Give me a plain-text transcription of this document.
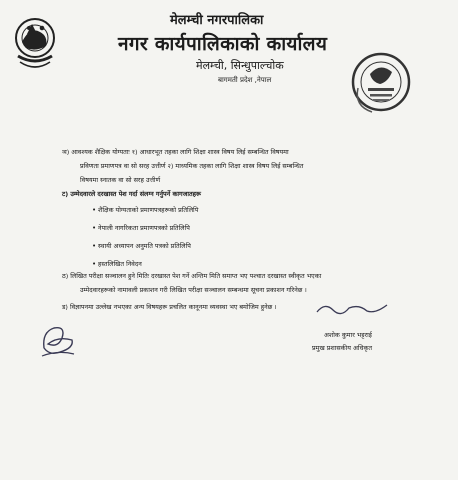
मेलम्ची नगरपालिका
नगर कार्यपालिकाको कार्यालय
मेलम्ची, सिन्धुपाल्चोक
बागमती प्रदेश ,नेपाल
ञ) आवश्यक शैक्षिक योग्यताः १) आधारभूत तहका लागि शिक्षा शास्त्र विषय लिई सम्बन्धित विषयमा
प्रविणता प्रमाणपत्र वा सो सरह उत्तीर्ण २) माध्यमिक तहका लागि शिक्षा शास्त्र विषय लिई सम्बन्धित
विषयमा स्नातक वा सो सरह उत्तीर्ण
ट) उम्मेदवारले दरखास्त पेश गर्दा संलग्न गर्नुपर्ने कागजातहरू
• शैक्षिक योग्यताको प्रमाणपत्रहरूको प्रतिलिपि
• नेपाली नागरिकता प्रमाणपत्रको प्रतिलिपि
• स्थायी अध्यापन अनुमति पत्रको प्रतिलिपि
• हस्तलिखित निवेदन
ठ) लिखित परीक्षा सञ्चालन हुने मितिः दरखास्त पेश गर्ने अन्तिम मिति समाप्त भए पश्चात दरखास्त स्वीकृत भएका
उम्मेदवारहरूको नामावली प्रकाशन गरी लिखित परीक्षा सञ्चालन सम्बन्धमा सूचना प्रकाशन गरिनेछ ।
ड) विज्ञापनमा उल्लेख नभएका अन्य विषयहरू प्रचलित कानूनमा व्यवस्था भए बमोजिम हुनेछ ।
अशोक कुमार भट्टराई
प्रमुख प्रशासकीय अधिकृत
